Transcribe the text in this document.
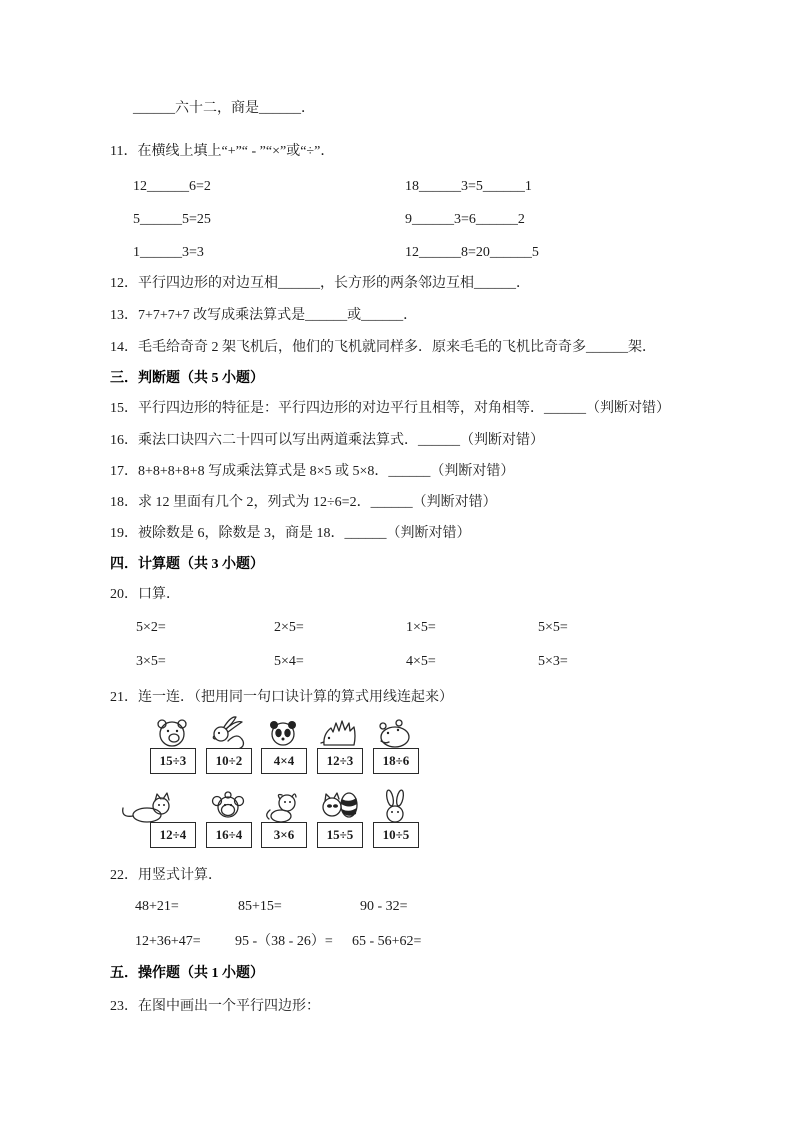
______六十二，商是______．
11．在横线上填上“+”“ - ”“×”或“÷”．
12______6=2	18______3=5______1
5______5=25	9______3=6______2
1______3=3	12______8=20______5
12．平行四边形的对边互相______，长方形的两条邻边互相______．
13．7+7+7+7 改写成乘法算式是______或______．
14．毛毛给奇奇 2 架飞机后，他们的飞机就同样多．原来毛毛的飞机比奇奇多______架．
三．判断题（共 5 小题）
15．平行四边形的特征是：平行四边形的对边平行且相等，对角相等．______（判断对错）
16．乘法口诀四六二十四可以写出两道乘法算式．______（判断对错）
17．8+8+8+8+8 写成乘法算式是 8×5 或 5×8．______（判断对错）
18．求 12 里面有几个 2，列式为 12÷6=2．______（判断对错）
19．被除数是 6，除数是 3，商是 18．______（判断对错）
四．计算题（共 3 小题）
20．口算．
5×2=	2×5=	1×5=	5×5=
3×5=	5×4=	4×5=	5×3=
21．连一连．（把用同一句口诀计算的算式用线连起来）
15÷3	10÷2	4×4	12÷3	18÷6
12÷4	16÷4	3×6	15÷5	10÷5
22．用竖式计算．
48+21=	85+15=	90 - 32=
12+36+47= 95 -（38 - 26）= 65 - 56+62=
五．操作题（共 1 小题）
23．在图中画出一个平行四边形：
